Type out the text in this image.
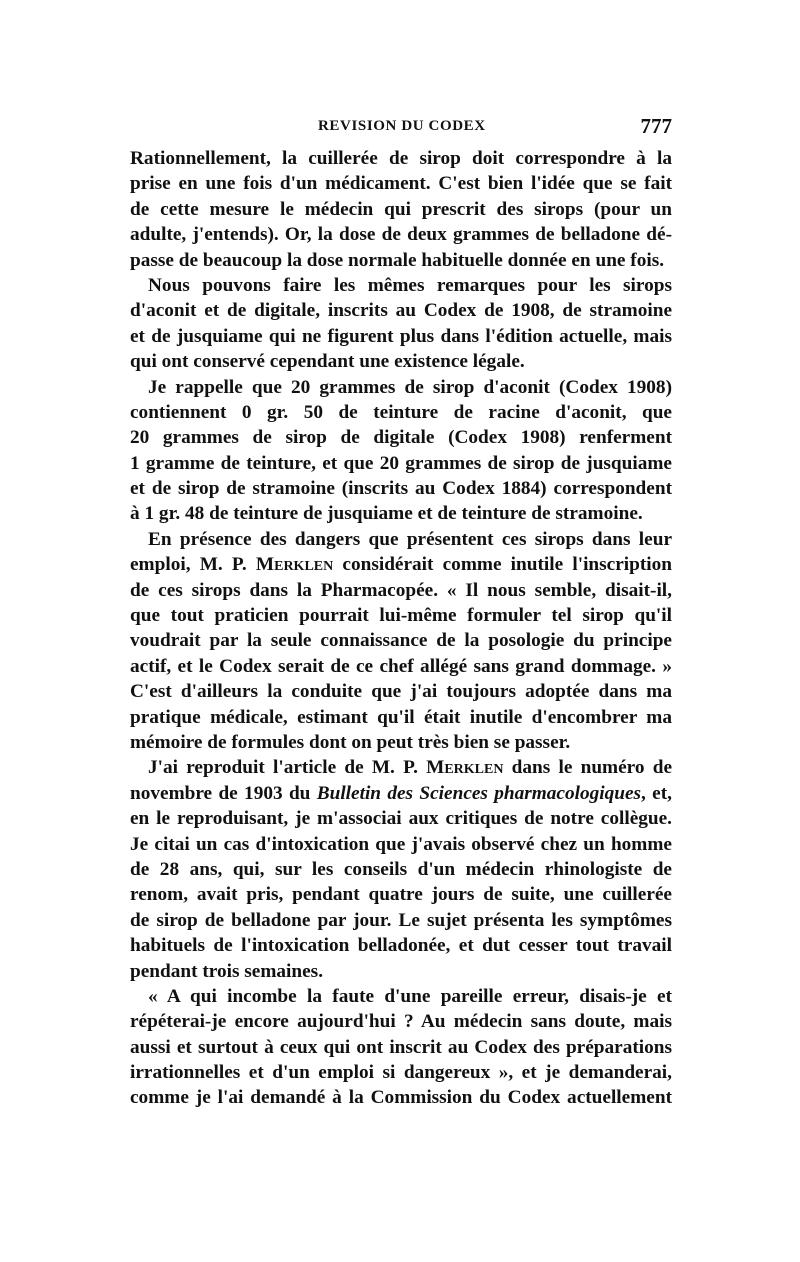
REVISION DU CODEX	777
Rationnellement, la cuillerée de sirop doit correspondre à la
prise en une fois d'un médicament. C'est bien l'idée que se fait
de cette mesure le médecin qui prescrit des sirops (pour un
adulte, j'entends). Or, la dose de deux grammes de belladone dé-
passe de beaucoup la dose normale habituelle donnée en une fois.
Nous pouvons faire les mêmes remarques pour les sirops
d'aconit et de digitale, inscrits au Codex de 1908, de stramoine
et de jusquiame qui ne figurent plus dans l'édition actuelle, mais
qui ont conservé cependant une existence légale.
Je rappelle que 20 grammes de sirop d'aconit (Codex 1908)
contiennent 0 gr. 50 de teinture de racine d'aconit, que
20 grammes de sirop de digitale (Codex 1908) renferment
1 gramme de teinture, et que 20 grammes de sirop de jusquiame
et de sirop de stramoine (inscrits au Codex 1884) correspondent
à 1 gr. 48 de teinture de jusquiame et de teinture de stramoine.
En présence des dangers que présentent ces sirops dans leur
emploi, M. P. Merklen considérait comme inutile l'inscription
de ces sirops dans la Pharmacopée. « Il nous semble, disait-il,
que tout praticien pourrait lui-même formuler tel sirop qu'il
voudrait par la seule connaissance de la posologie du principe
actif, et le Codex serait de ce chef allégé sans grand dommage. »
C'est d'ailleurs la conduite que j'ai toujours adoptée dans ma
pratique médicale, estimant qu'il était inutile d'encombrer ma
mémoire de formules dont on peut très bien se passer.
J'ai reproduit l'article de M. P. Merklen dans le numéro de
novembre de 1903 du Bulletin des Sciences pharmacologiques, et,
en le reproduisant, je m'associai aux critiques de notre collègue.
Je citai un cas d'intoxication que j'avais observé chez un homme
de 28 ans, qui, sur les conseils d'un médecin rhinologiste de
renom, avait pris, pendant quatre jours de suite, une cuillerée
de sirop de belladone par jour. Le sujet présenta les symptômes
habituels de l'intoxication belladonée, et dut cesser tout travail
pendant trois semaines.
« A qui incombe la faute d'une pareille erreur, disais-je et
répéterai-je encore aujourd'hui ? Au médecin sans doute, mais
aussi et surtout à ceux qui ont inscrit au Codex des préparations
irrationnelles et d'un emploi si dangereux », et je demanderai,
comme je l'ai demandé à la Commission du Codex actuellement
